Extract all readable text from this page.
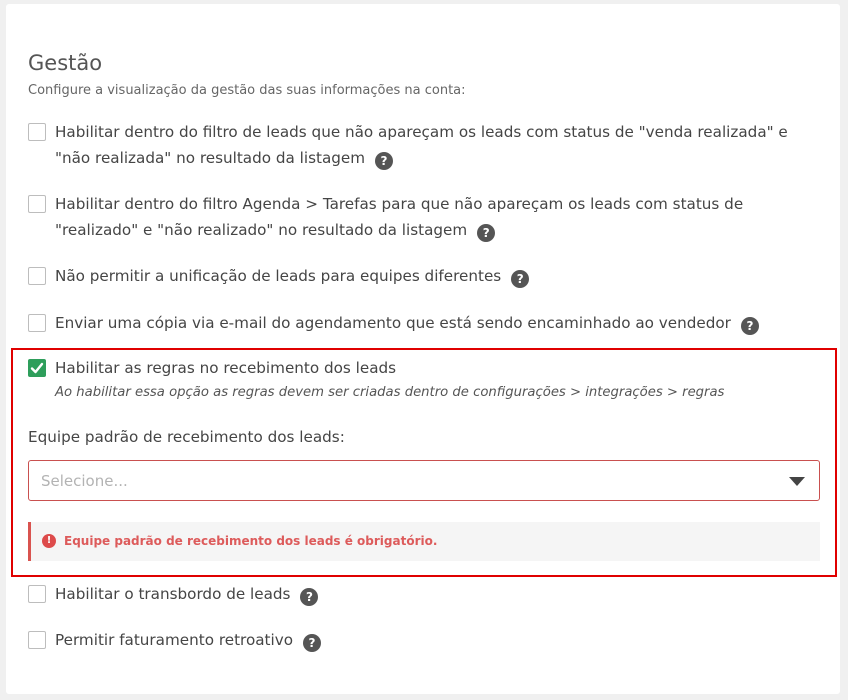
Gestão
Configure a visualização da gestão das suas informações na conta:
Habilitar dentro do filtro de leads que não apareçam os leads com status de "venda realizada" e "não realizada" no resultado da listagem ?
Habilitar dentro do filtro Agenda > Tarefas para que não apareçam os leads com status de "realizado" e "não realizado" no resultado da listagem ?
Não permitir a unificação de leads para equipes diferentes ?
Enviar uma cópia via e-mail do agendamento que está sendo encaminhado ao vendedor ?
Habilitar as regras no recebimento dos leads
Ao habilitar essa opção as regras devem ser criadas dentro de configurações > integrações > regras
Equipe padrão de recebimento dos leads:
Selecione...
!	Equipe padrão de recebimento dos leads é obrigatório.
Habilitar o transbordo de leads ?
Permitir faturamento retroativo ?
